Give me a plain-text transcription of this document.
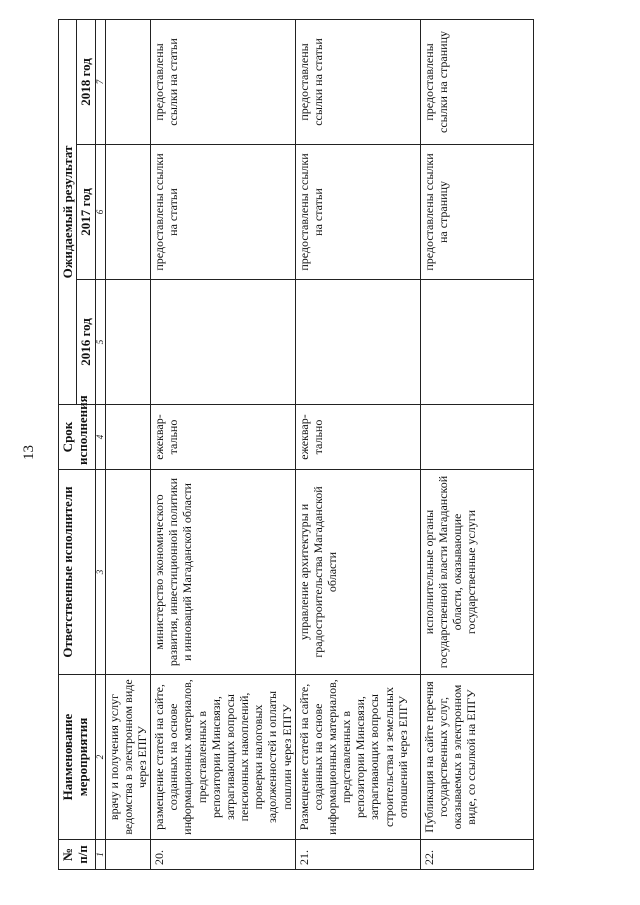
13
№ п/п	Наименование мероприятия	Ответственные исполнители	Срок исполнения	Ожидаемый результат		
				2016 год	2017 год	2018 год
1	2	3	4	5	6	7
	врачу и получения услуг ведомства в электронном виде через ЕПГУ					
20.	размещение статей на сайте, созданных на основе информационных материалов, представленных в репозитории Минсвязи, затрагивающих вопросы пенсионных накоплений, проверки налоговых задолженностей и оплаты пошлин через ЕПГУ	министерство экономического развития, инвестиционной политики и инноваций Магаданской области	ежеквар-тально		предоставлены ссылки на статьи	предоставлены ссылки на статьи
21.	Размещение статей на сайте, созданных на основе информационных материалов, представленных в репозитории Минсвязи, затрагивающих вопросы строительства и земельных отношений через ЕПГУ	управление архитектуры и градостроительства Магаданской области	ежеквар-тально		предоставлены ссылки на статьи	предоставлены ссылки на статьи
22.	Публикация на сайте перечня государственных услуг, оказываемых в электронном виде, со ссылкой на ЕПГУ	исполнительные органы государственной власти Магаданской области, оказывающие государственные услуги			предоставлены ссылки на страницу	предоставлены ссылки на страницу
